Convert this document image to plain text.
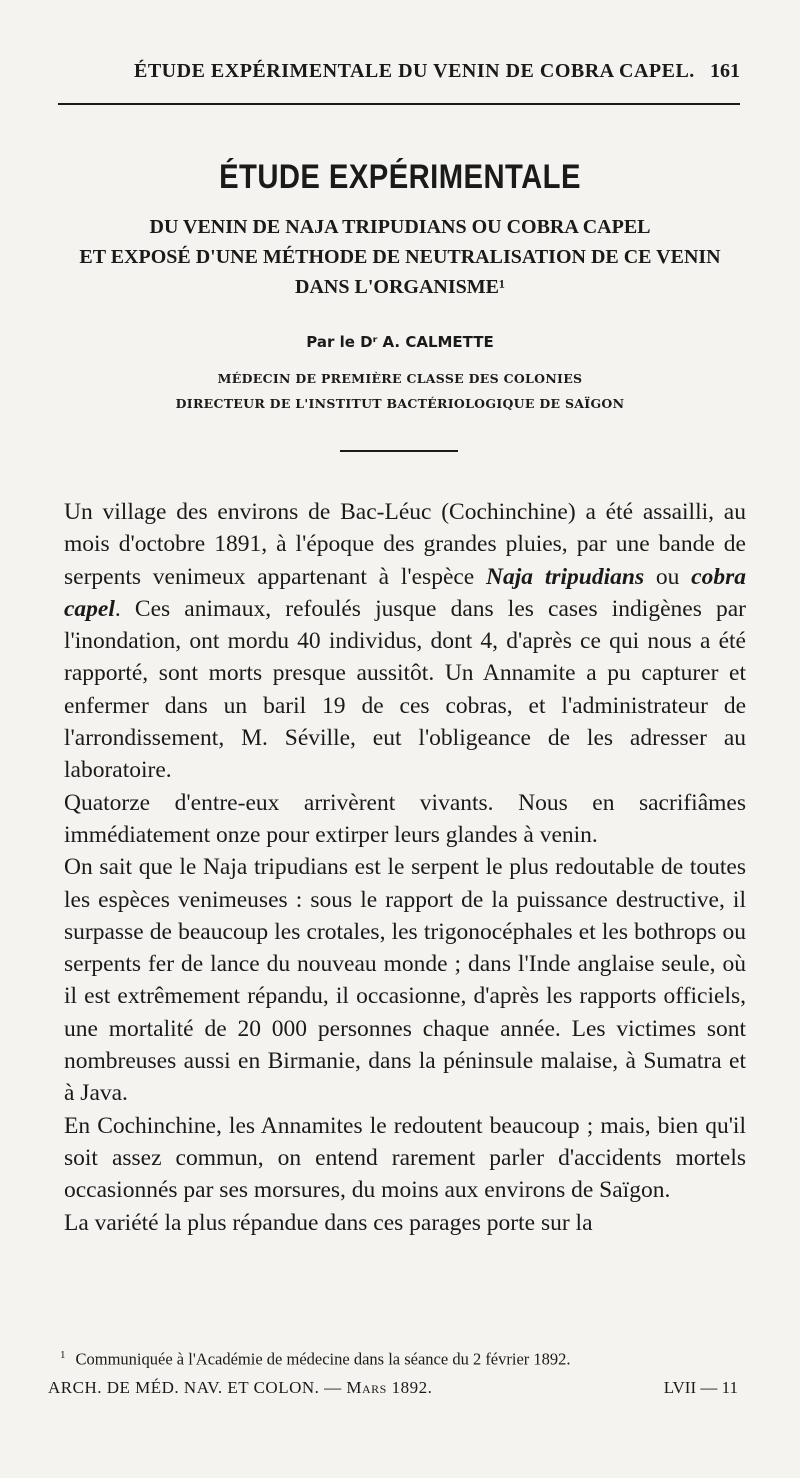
ÉTUDE EXPÉRIMENTALE DU VENIN DE COBRA CAPEL. 161
ÉTUDE EXPÉRIMENTALE
DU VENIN DE NAJA TRIPUDIANS OU COBRA CAPEL
ET EXPOSÉ D'UNE MÉTHODE DE NEUTRALISATION DE CE VENIN
DANS L'ORGANISME¹
Par le Dʳ A. CALMETTE
MÉDECIN DE PREMIÈRE CLASSE DES COLONIES
DIRECTEUR DE L'INSTITUT BACTÉRIOLOGIQUE DE SAÏGON

Un village des environs de Bac-Léuc (Cochinchine) a été assailli, au mois d'octobre 1891, à l'époque des grandes pluies, par une bande de serpents venimeux appartenant à l'espèce Naja tripudians ou cobra capel. Ces animaux, refoulés jusque dans les cases indigènes par l'inondation, ont mordu 40 individus, dont 4, d'après ce qui nous a été rapporté, sont morts presque aussitôt. Un Annamite a pu capturer et enfermer dans un baril 19 de ces cobras, et l'administrateur de l'arrondissement, M. Séville, eut l'obligeance de les adresser au laboratoire.

Quatorze d'entre-eux arrivèrent vivants. Nous en sacrifiâmes immédiatement onze pour extirper leurs glandes à venin.

On sait que le Naja tripudians est le serpent le plus redoutable de toutes les espèces venimeuses : sous le rapport de la puissance destructive, il surpasse de beaucoup les crotales, les trigonocéphales et les bothrops ou serpents fer de lance du nouveau monde ; dans l'Inde anglaise seule, où il est extrêmement répandu, il occasionne, d'après les rapports officiels, une mortalité de 20 000 personnes chaque année. Les victimes sont nombreuses aussi en Birmanie, dans la péninsule malaise, à Sumatra et à Java.

En Cochinchine, les Annamites le redoutent beaucoup ; mais, bien qu'il soit assez commun, on entend rarement parler d'accidents mortels occasionnés par ses morsures, du moins aux environs de Saïgon.

La variété la plus répandue dans ces parages porte sur la

$^1$ Communiquée à l'Académie de médecine dans la séance du 2 février 1892.
ARCH. DE MÉD. NAV. ET COLON. — Mars 1892.	LVII — 11
